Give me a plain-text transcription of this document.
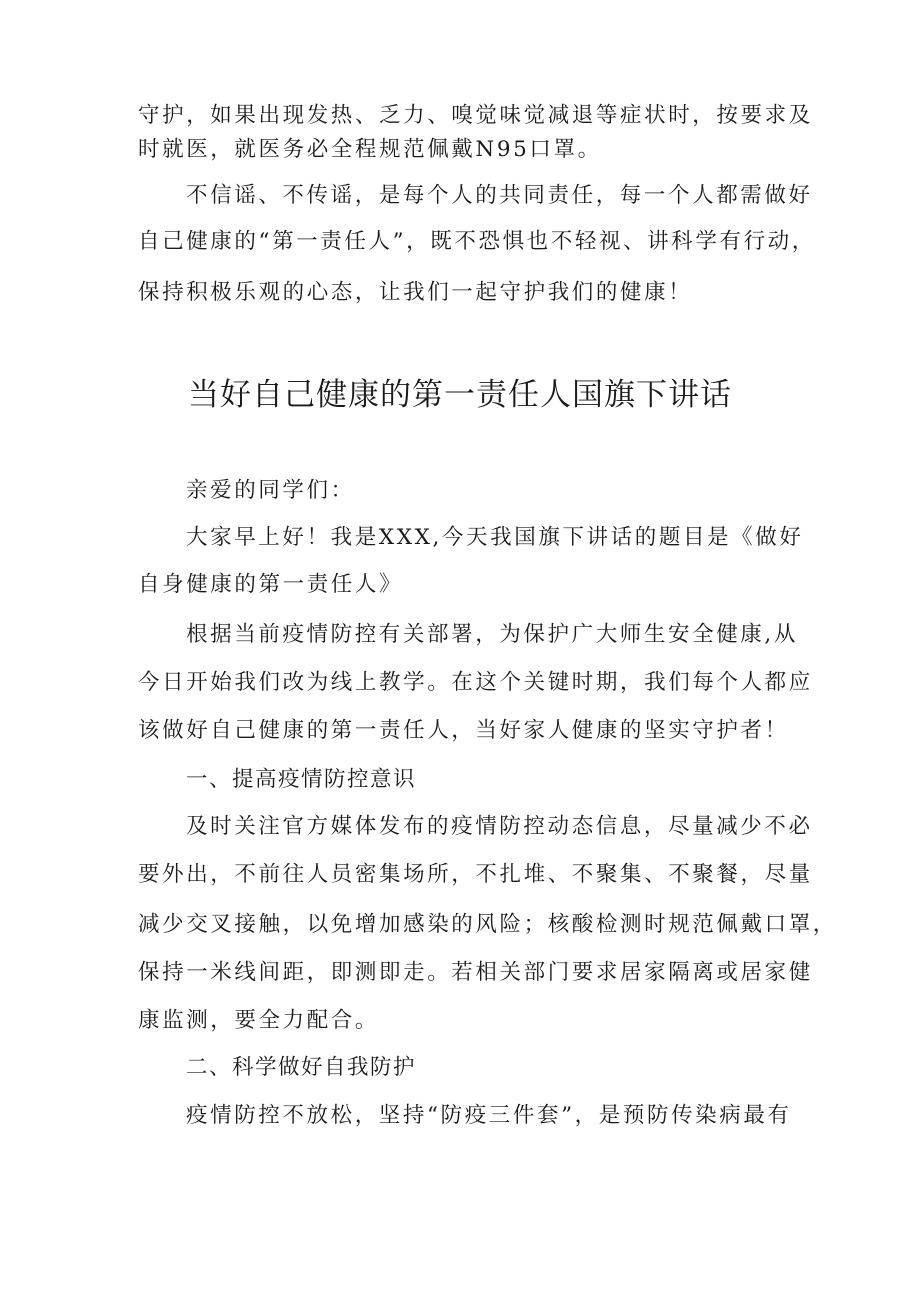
守护，如果出现发热、乏力、嗅觉味觉减退等症状时，按要求及
时就医，就医务必全程规范佩戴N95口罩。
不信谣、不传谣，是每个人的共同责任，每一个人都需做好
自己健康的“第一责任人”，既不恐惧也不轻视、讲科学有行动，
保持积极乐观的心态，让我们一起守护我们的健康！
当好自己健康的第一责任人国旗下讲话
亲爱的同学们：
大家早上好！我是XXX,今天我国旗下讲话的题目是《做好
自身健康的第一责任人》
根据当前疫情防控有关部署，为保护广大师生安全健康,从
今日开始我们改为线上教学。在这个关键时期，我们每个人都应
该做好自己健康的第一责任人，当好家人健康的坚实守护者！
一、提高疫情防控意识
及时关注官方媒体发布的疫情防控动态信息，尽量减少不必
要外出，不前往人员密集场所，不扎堆、不聚集、不聚餐，尽量
减少交叉接触，以免增加感染的风险；核酸检测时规范佩戴口罩，
保持一米线间距，即测即走。若相关部门要求居家隔离或居家健
康监测，要全力配合。
二、科学做好自我防护
疫情防控不放松，坚持“防疫三件套”，是预防传染病最有
